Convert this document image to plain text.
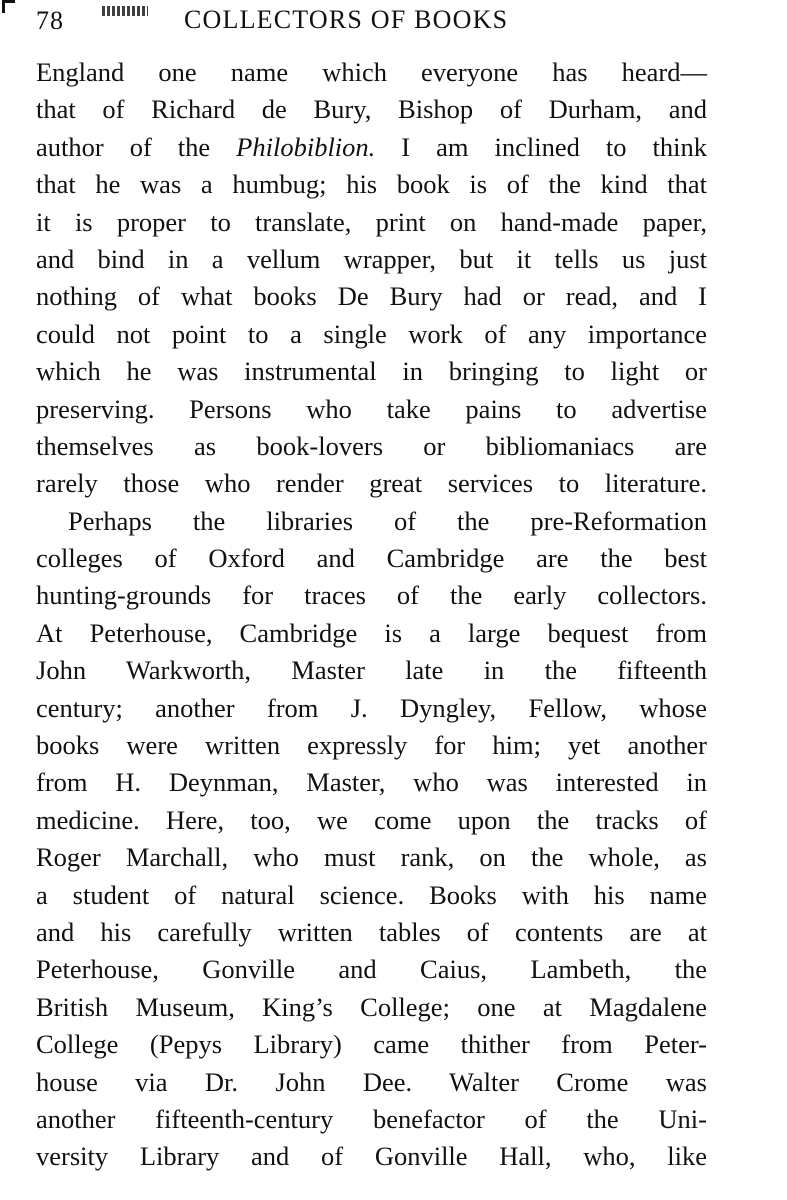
78	COLLECTORS OF BOOKS
England one name which everyone has heard—
that of Richard de Bury, Bishop of Durham, and
author of the Philobiblion. I am inclined to think
that he was a humbug; his book is of the kind that
it is proper to translate, print on hand-made paper,
and bind in a vellum wrapper, but it tells us just
nothing of what books De Bury had or read, and I
could not point to a single work of any importance
which he was instrumental in bringing to light or
preserving. Persons who take pains to advertise
themselves as book-lovers or bibliomaniacs are
rarely those who render great services to literature.
Perhaps the libraries of the pre-Reformation
colleges of Oxford and Cambridge are the best
hunting-grounds for traces of the early collectors.
At Peterhouse, Cambridge is a large bequest from
John Warkworth, Master late in the fifteenth
century; another from J. Dyngley, Fellow, whose
books were written expressly for him; yet another
from H. Deynman, Master, who was interested in
medicine. Here, too, we come upon the tracks of
Roger Marchall, who must rank, on the whole, as
a student of natural science. Books with his name
and his carefully written tables of contents are at
Peterhouse, Gonville and Caius, Lambeth, the
British Museum, King’s College; one at Magdalene
College (Pepys Library) came thither from Peter-
house via Dr. John Dee. Walter Crome was
another fifteenth-century benefactor of the Uni-
versity Library and of Gonville Hall, who, like
